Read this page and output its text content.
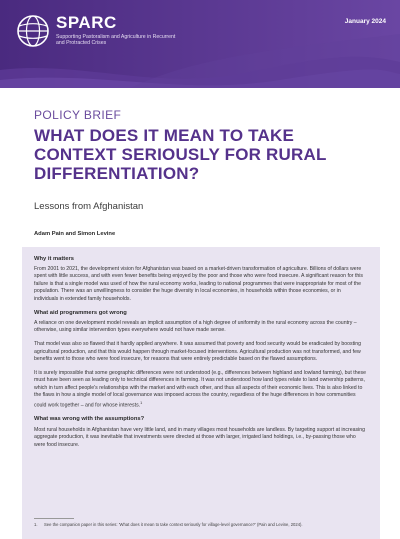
SPARC
Supporting Pastoralism and Agriculture in Recurrent and Protracted Crises
January 2024
POLICY BRIEF
WHAT DOES IT MEAN TO TAKE CONTEXT SERIOUSLY FOR RURAL DIFFERENTIATION?
Lessons from Afghanistan
Adam Pain and Simon Levine
Why it matters
From 2001 to 2021, the development vision for Afghanistan was based on a market-driven transformation of agriculture. Billions of dollars were spent with little success, and with even fewer benefits being enjoyed by the poor and those who were food insecure. A significant reason for this failure is that a single model was used of how the rural economy works, leading to national programmes that were inappropriate for most of the population. There was an unwillingness to consider the huge diversity in local economies, in households within those economies, or in individuals in extended family households.
What aid programmers got wrong
A reliance on one development model reveals an implicit assumption of a high degree of uniformity in the rural economy across the country – otherwise, using similar intervention types everywhere would not have made sense.
That model was also so flawed that it hardly applied anywhere. It was assumed that poverty and food security would be eradicated by boosting agricultural production, and that this would happen through market-focused interventions. Agricultural production was not transformed, and few benefits went to those who were food insecure, for reasons that were entirely predictable based on the flawed assumptions.
It is surely impossible that some geographic differences were not understood (e.g., differences between highland and lowland farming), but these must have been seen as leading only to technical differences in farming. It was not understood how land types relate to land ownership patterns, which in turn affect people's relationships with the market and with each other, and thus all aspects of their economic lives. This is also linked to the flaws in how a single model of local governance was imposed across the country, regardless of the huge differences in how communities could work together – and for whose interests.$^1$
What was wrong with the assumptions?
Most rural households in Afghanistan have very little land, and in many villages most households are landless. By targeting support at increasing aggregate production, it was inevitable that investments were directed at those with larger, irrigated land holdings, i.e., by-passing those who were food insecure.
1. See the companion paper in this series: 'What does it mean to take context seriously for village-level governance?' (Pain and Levine, 2024).
